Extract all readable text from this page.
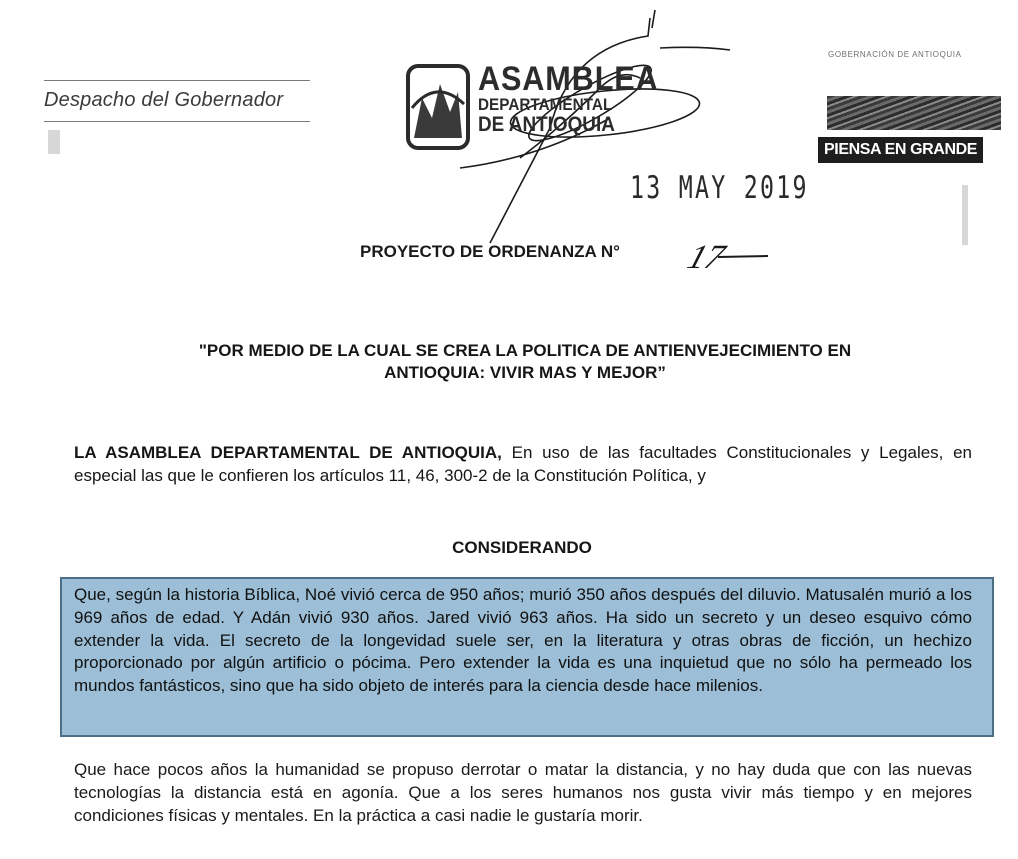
Despacho del Gobernador
ASAMBLEA
DEPARTAMENTAL
DE ANTIOQUIA
13 MAY 2019
GOBERNACIÓN DE ANTIOQUIA
PIENSA EN GRANDE
PROYECTO DE ORDENANZA N° 17
"POR MEDIO DE LA CUAL SE CREA LA POLITICA DE ANTIENVEJECIMIENTO EN
ANTIOQUIA: VIVIR MAS Y MEJOR”
LA ASAMBLEA DEPARTAMENTAL DE ANTIOQUIA, En uso de las facultades Constitucionales y Legales, en especial las que le confieren los artículos 11, 46, 300-2 de la Constitución Política, y
CONSIDERANDO
Que, según la historia Bíblica, Noé vivió cerca de 950 años; murió 350 años después del diluvio. Matusalén murió a los 969 años de edad. Y Adán vivió 930 años. Jared vivió 963 años. Ha sido un secreto y un deseo esquivo cómo extender la vida. El secreto de la longevidad suele ser, en la literatura y otras obras de ficción, un hechizo proporcionado por algún artificio o pócima. Pero extender la vida es una inquietud que no sólo ha permeado los mundos fantásticos, sino que ha sido objeto de interés para la ciencia desde hace milenios.
Que hace pocos años la humanidad se propuso derrotar o matar la distancia, y no hay duda que con las nuevas tecnologías la distancia está en agonía. Que a los seres humanos nos gusta vivir más tiempo y en mejores condiciones físicas y mentales. En la práctica a casi nadie le gustaría morir.
